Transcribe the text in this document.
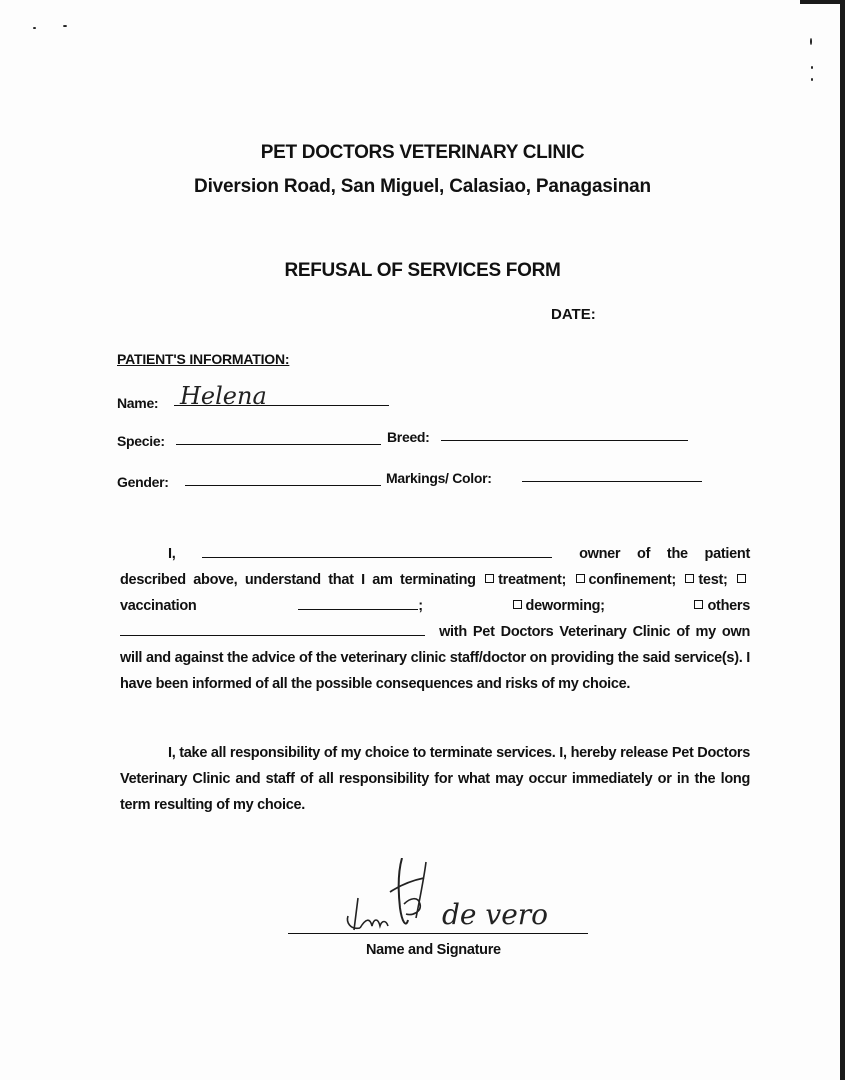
PET DOCTORS VETERINARY CLINIC
Diversion Road, San Miguel, Calasiao, Panagasinan
REFUSAL OF SERVICES FORM
DATE:
PATIENT'S INFORMATION:
Name: Helena
Specie:	Breed:
Gender:	Markings/ Color:

I,	owner of the patient described above, understand that I am terminating treatment; confinement; test; vaccination	;	deworming;	others  with Pet Doctors Veterinary Clinic of my own will and against the advice of the veterinary clinic staff/doctor on providing the said service(s). I have been informed of all the possible consequences and risks of my choice.

I, take all responsibility of my choice to terminate services. I, hereby release Pet Doctors Veterinary Clinic and staff of all responsibility for what may occur immediately or in the long term resulting of my choice.

de vero
Name and Signature
